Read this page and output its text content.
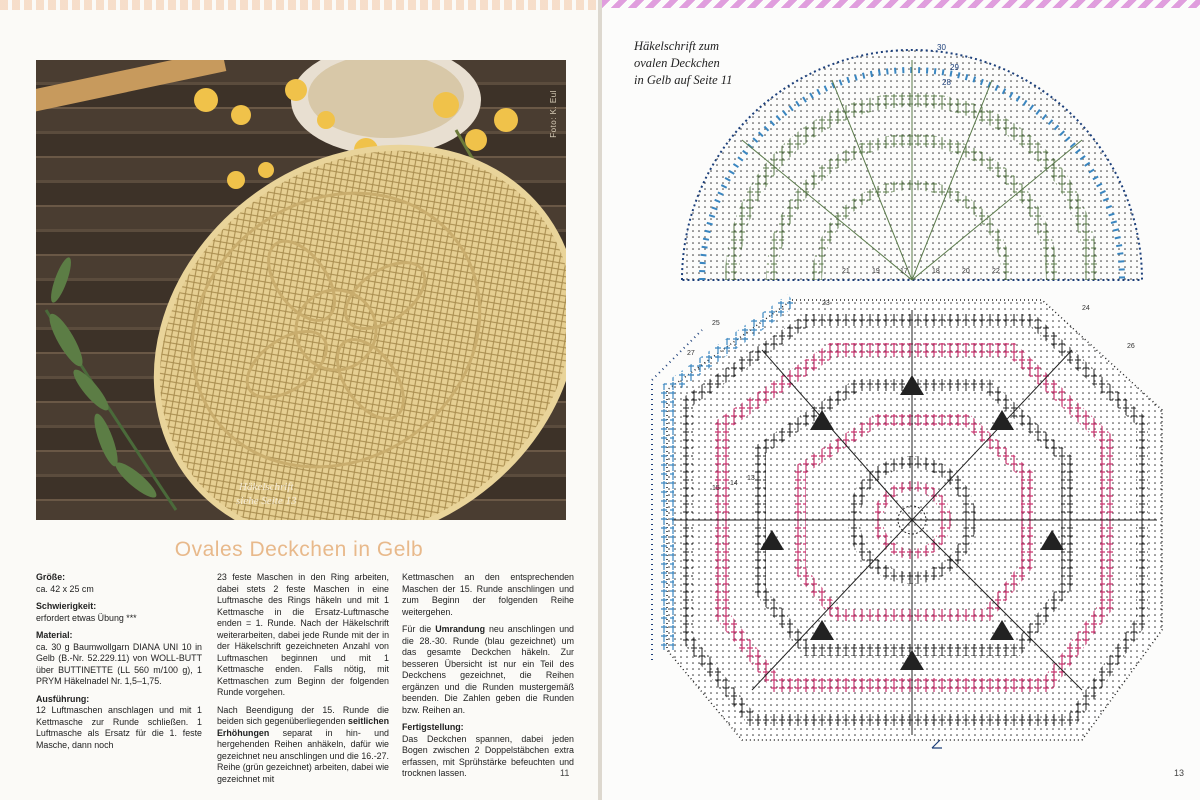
Foto: K. Eul
Häkelschrift
siehe Seite 13
Ovales Deckchen in Gelb

Größe:
ca. 42 x 25 cm

Schwierigkeit:
erfordert etwas Übung ***

Material:
ca. 30 g Baumwollgarn DIANA UNI 10 in Gelb (B.-Nr. 52.229.11) von WOLL-BUTT über BUTTINETTE (LL 560 m/100 g), 1 PRYM Häkelnadel Nr. 1,5–1,75.

Ausführung:
12 Luftmaschen anschlagen und mit 1 Kettmasche zur Runde schließen. 1 Luftmasche als Ersatz für die 1. feste Masche, dann noch

23 feste Maschen in den Ring arbeiten, dabei stets 2 feste Maschen in eine Luftmasche des Rings häkeln und mit 1 Kettmasche in die Ersatz-Luftmasche enden = 1. Runde. Nach der Häkelschrift weiterarbeiten, dabei jede Runde mit der in der Häkelschrift gezeichneten Anzahl von Luftmaschen beginnen und mit 1 Kettmasche enden. Falls nötig, mit Kettmaschen zum Beginn der folgenden Runde vorgehen.

Nach Beendigung der 15. Runde die beiden sich gegenüberliegenden seitlichen Erhöhungen separat in hin- und hergehenden Reihen anhäkeln, dafür wie gezeichnet neu anschlingen und die 16.-27. Reihe (grün gezeichnet) arbeiten, dabei wie gezeichnet mit

Kettmaschen an den entsprechenden Maschen der 15. Runde anschlingen und zum Beginn der folgenden Reihe weitergehen.

Für die Umrandung neu anschlingen und die 28.-30. Runde (blau gezeichnet) um das gesamte Deckchen häkeln. Zur besseren Übersicht ist nur ein Teil des Deckchens gezeichnet, die Reihen ergänzen und die Runden mustergemäß beenden. Die Zahlen geben die Runden bzw. Reihen an.

Fertigstellung:
Das Deckchen spannen, dabei jeden Bogen zwischen 2 Doppelstäbchen extra erfassen, mit Sprühstärke befeuchten und trocknen lassen.	11
30
29
28
21	19	17	18	20	22
15
14
13
27
26
25
23
24
Häkelschrift zum
ovalen Deckchen
in Gelb auf Seite 11
13
